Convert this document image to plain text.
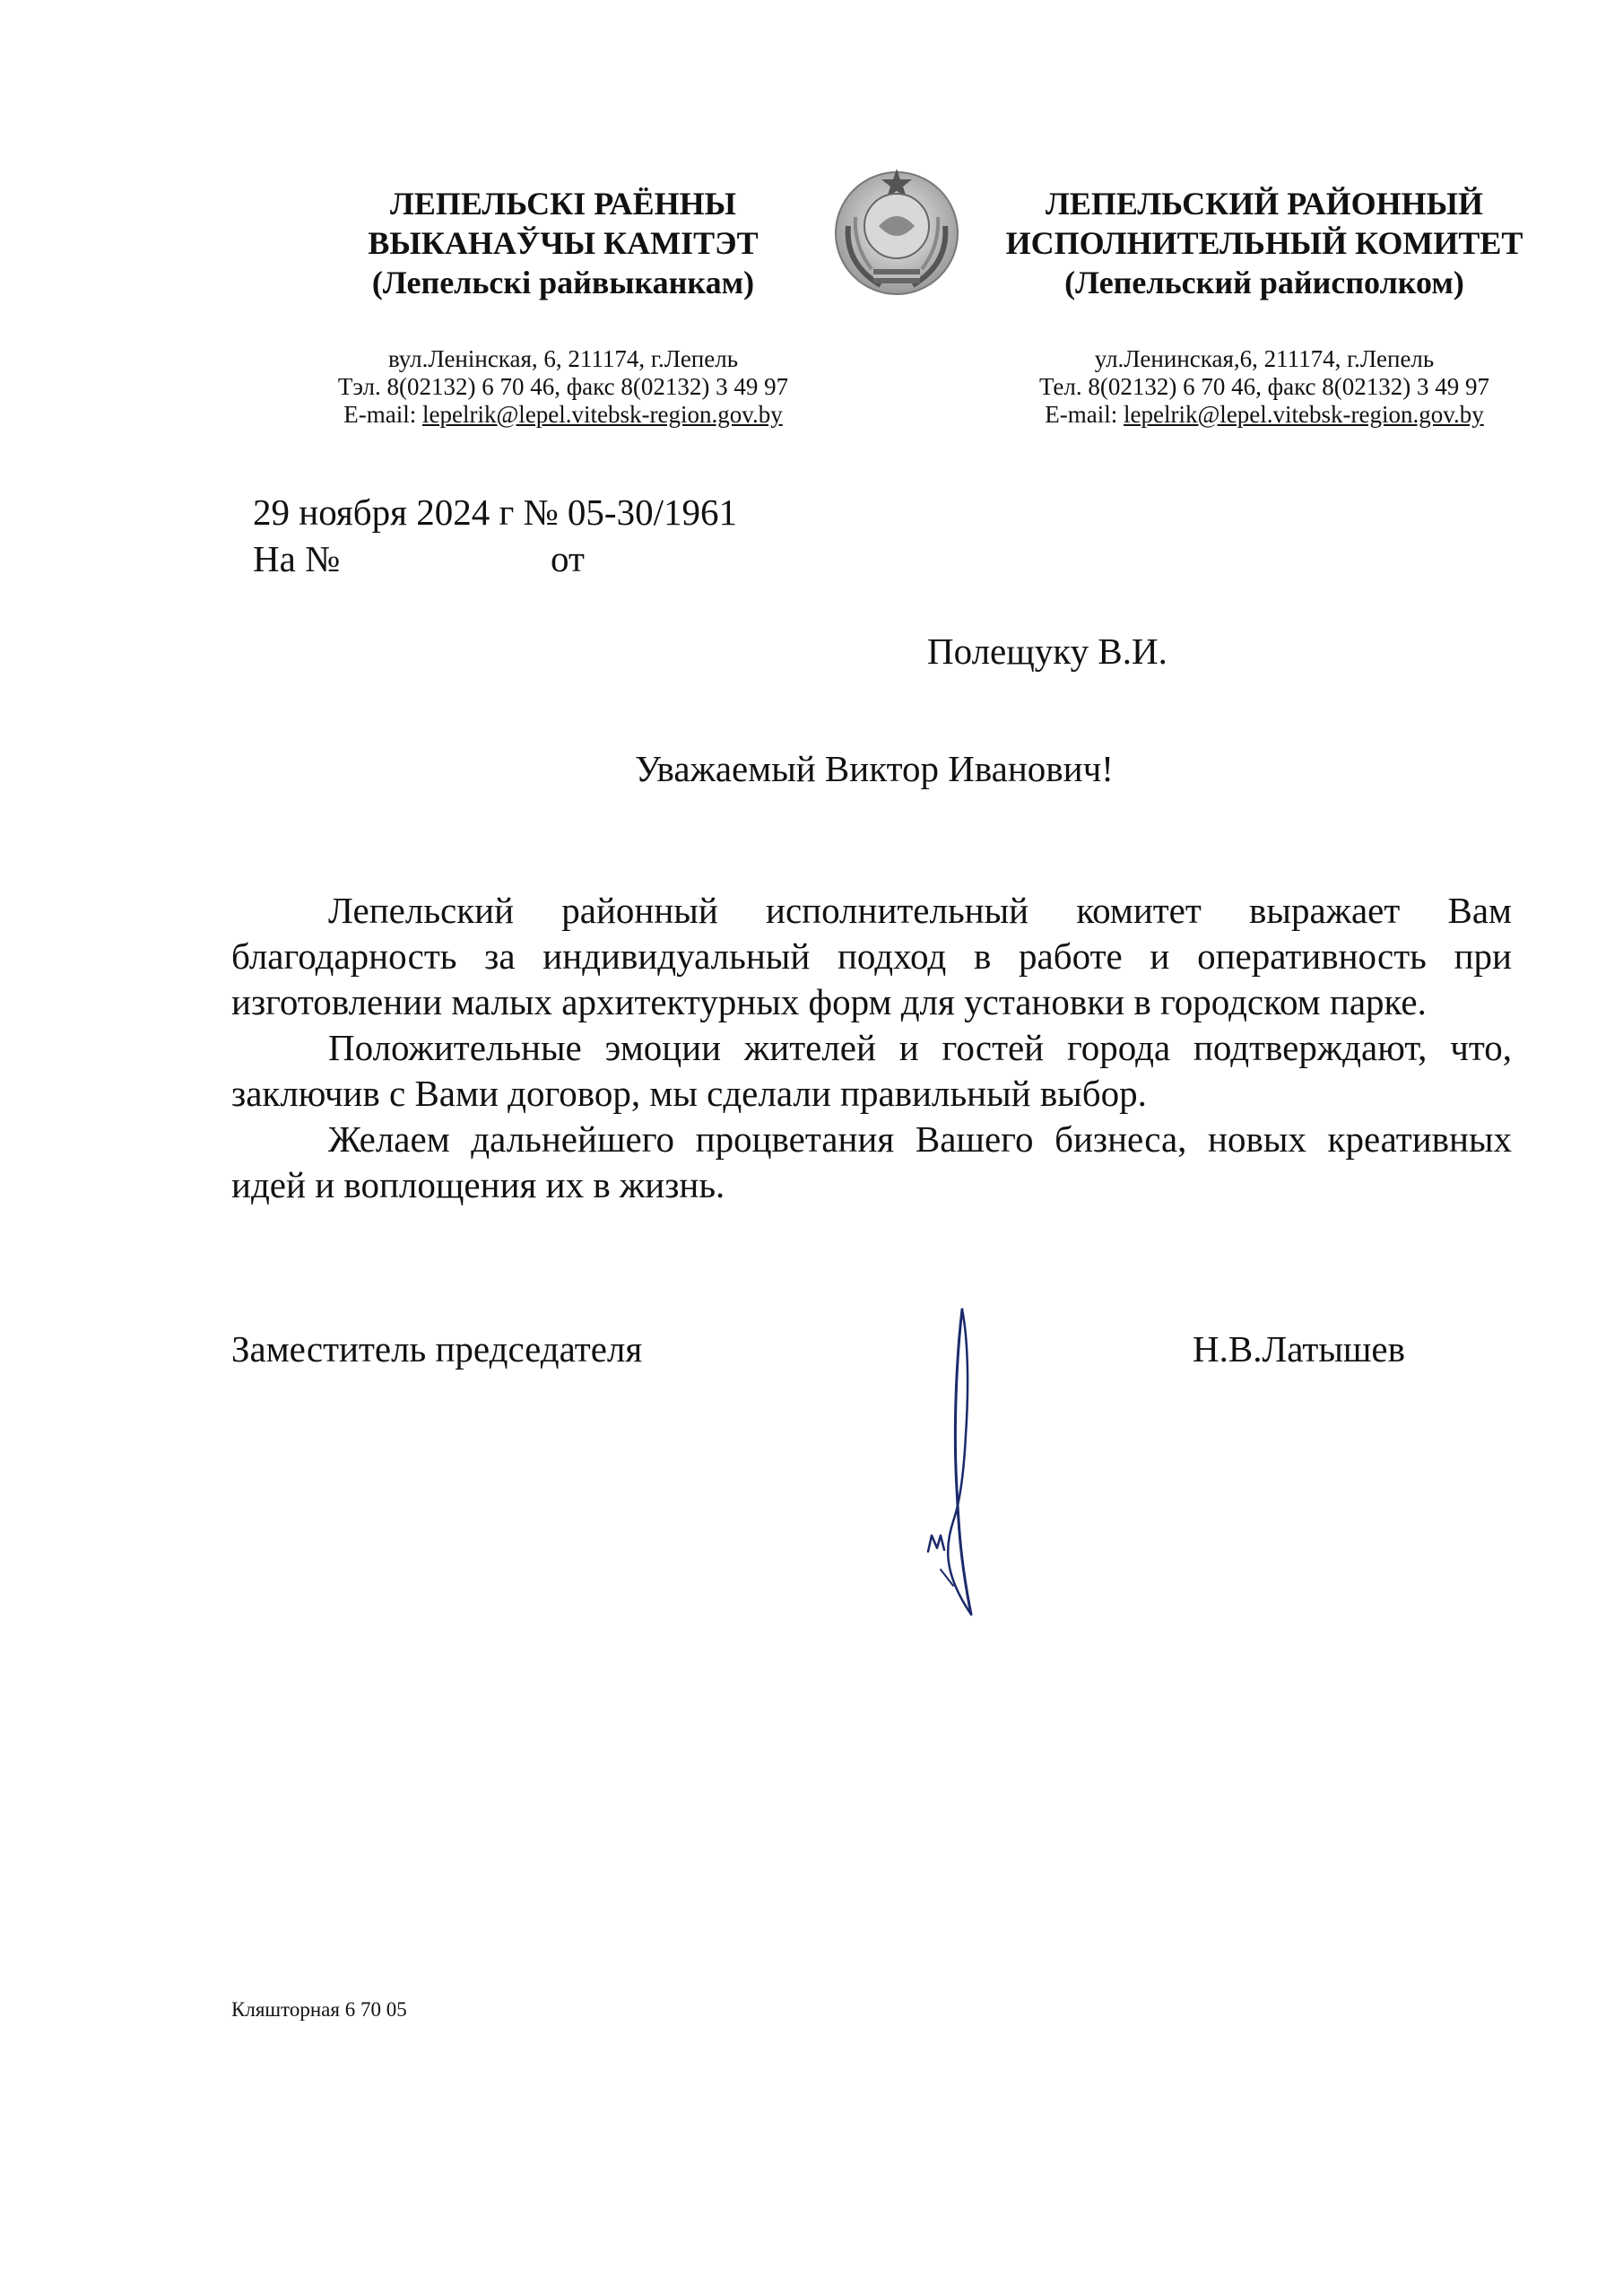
ЛЕПЕЛЬСКІ РАЁННЫ
ВЫКАНАЎЧЫ КАМІТЭТ
(Лепельскі райвыканкам)
ЛЕПЕЛЬСКИЙ РАЙОННЫЙ
ИСПОЛНИТЕЛЬНЫЙ КОМИТЕТ
(Лепельский райисполком)
вул.Ленінская, 6, 211174, г.Лепель
Тэл. 8(02132) 6 70 46, факс 8(02132) 3 49 97
E-mail: lepelrik@lepel.vitebsk-region.gov.by
ул.Ленинская,6, 211174, г.Лепель
Тел. 8(02132) 6 70 46, факс 8(02132) 3 49 97
E-mail: lepelrik@lepel.vitebsk-region.gov.by
29 ноября 2024 г № 05-30/1961
На №	от
Полещуку В.И.
Уважаемый Виктор Иванович!

Лепельский районный исполнительный комитет выражает Вам благодарность за индивидуальный подход в работе и оперативность при изготовлении малых архитектурных форм для установки в городском парке.

Положительные эмоции жителей и гостей города подтверждают, что, заключив с Вами договор, мы сделали правильный выбор.

Желаем дальнейшего процветания Вашего бизнеса, новых креативных идей и воплощения их в жизнь.

Заместитель председателя	Н.В.Латышев
Кляшторная 6 70 05
